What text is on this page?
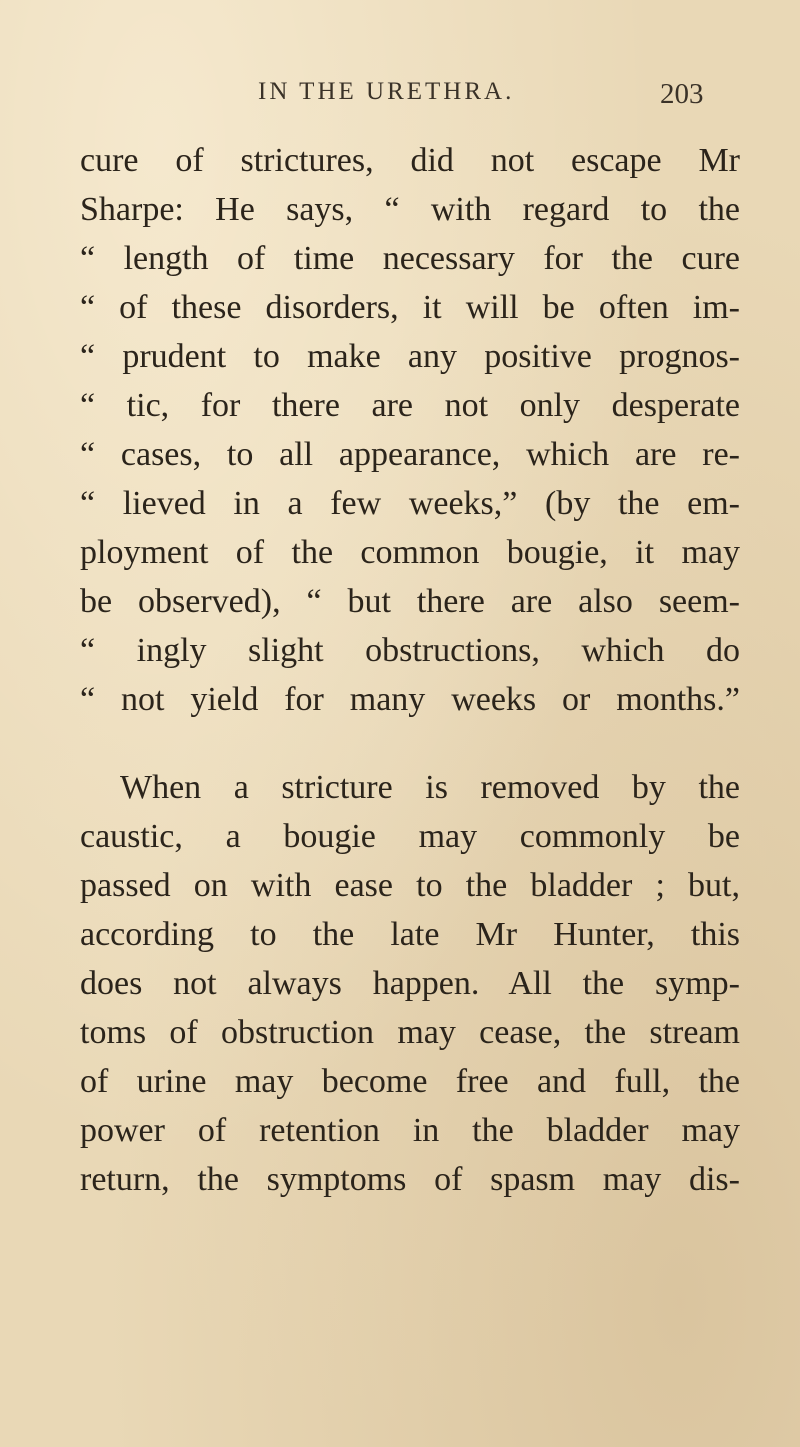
IN THE URETHRA.	203
cure of strictures, did not escape Mr
Sharpe: He says, “ with regard to the
“ length of time necessary for the cure
“ of these disorders, it will be often im-
“ prudent to make any positive prognos-
“ tic, for there are not only desperate
“ cases, to all appearance, which are re-
“ lieved in a few weeks,” (by the em-
ployment of the common bougie, it may
be observed), “ but there are also seem-
“ ingly slight obstructions, which do
“ not yield for many weeks or months.”
When a stricture is removed by the
caustic, a bougie may commonly be
passed on with ease to the bladder ; but,
according to the late Mr Hunter, this
does not always happen. All the symp-
toms of obstruction may cease, the stream
of urine may become free and full, the
power of retention in the bladder may
return, the symptoms of spasm may dis-
